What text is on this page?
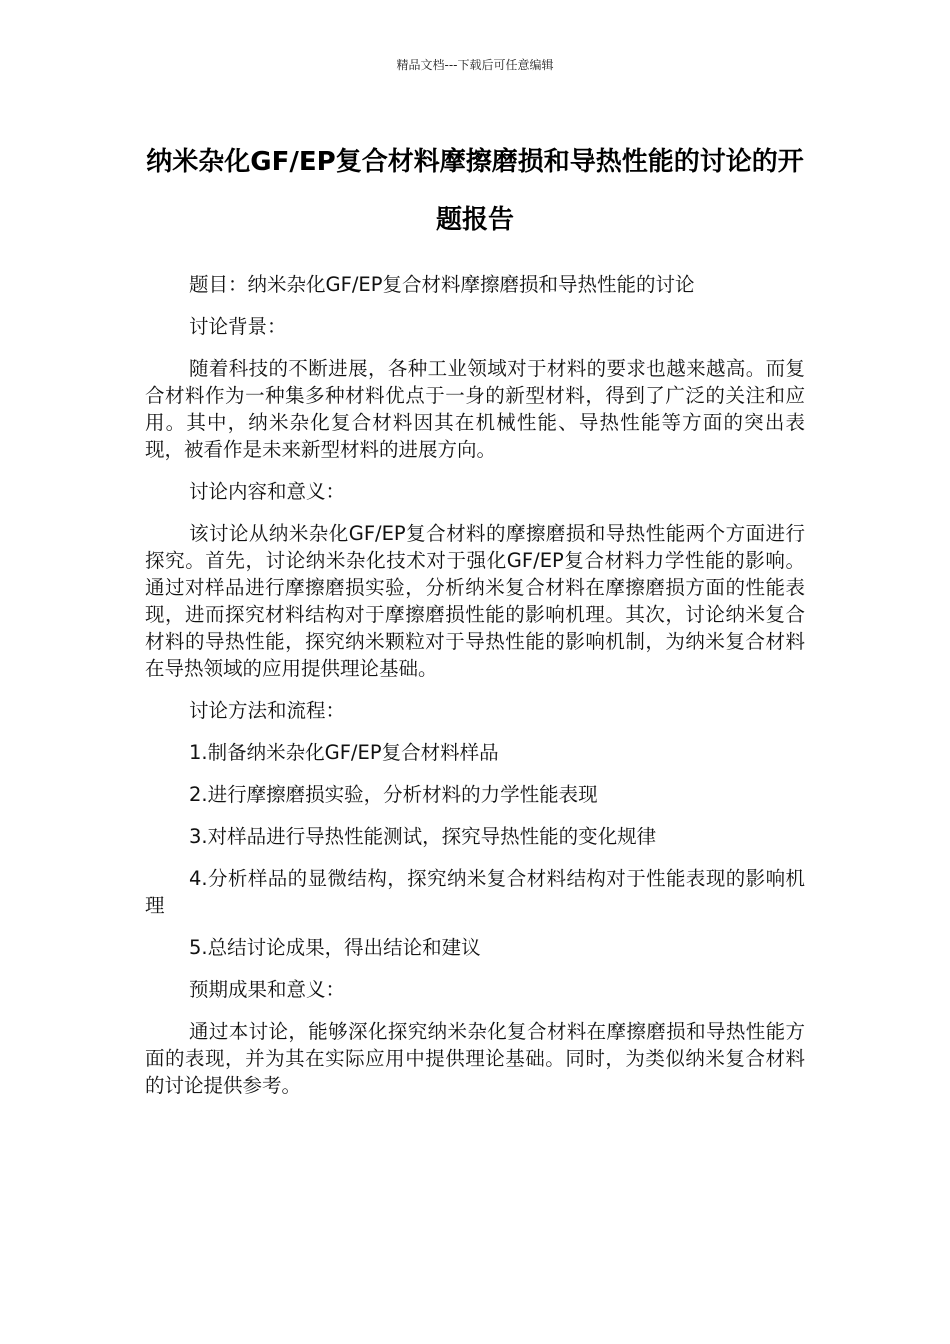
精品文档---下载后可任意编辑
纳米杂化GF/EP复合材料摩擦磨损和导热性能的讨论的开题报告

题目：纳米杂化GF/EP复合材料摩擦磨损和导热性能的讨论

讨论背景：

随着科技的不断进展，各种工业领域对于材料的要求也越来越高。而复合材料作为一种集多种材料优点于一身的新型材料，得到了广泛的关注和应用。其中，纳米杂化复合材料因其在机械性能、导热性能等方面的突出表现，被看作是未来新型材料的进展方向。

讨论内容和意义：

该讨论从纳米杂化GF/EP复合材料的摩擦磨损和导热性能两个方面进行探究。首先，讨论纳米杂化技术对于强化GF/EP复合材料力学性能的影响。通过对样品进行摩擦磨损实验，分析纳米复合材料在摩擦磨损方面的性能表现，进而探究材料结构对于摩擦磨损性能的影响机理。其次，讨论纳米复合材料的导热性能，探究纳米颗粒对于导热性能的影响机制，为纳米复合材料在导热领域的应用提供理论基础。

讨论方法和流程：

1.制备纳米杂化GF/EP复合材料样品

2.进行摩擦磨损实验，分析材料的力学性能表现

3.对样品进行导热性能测试，探究导热性能的变化规律

4.分析样品的显微结构，探究纳米复合材料结构对于性能表现的影响机理

5.总结讨论成果，得出结论和建议

预期成果和意义：

通过本讨论，能够深化探究纳米杂化复合材料在摩擦磨损和导热性能方面的表现，并为其在实际应用中提供理论基础。同时，为类似纳米复合材料的讨论提供参考。
